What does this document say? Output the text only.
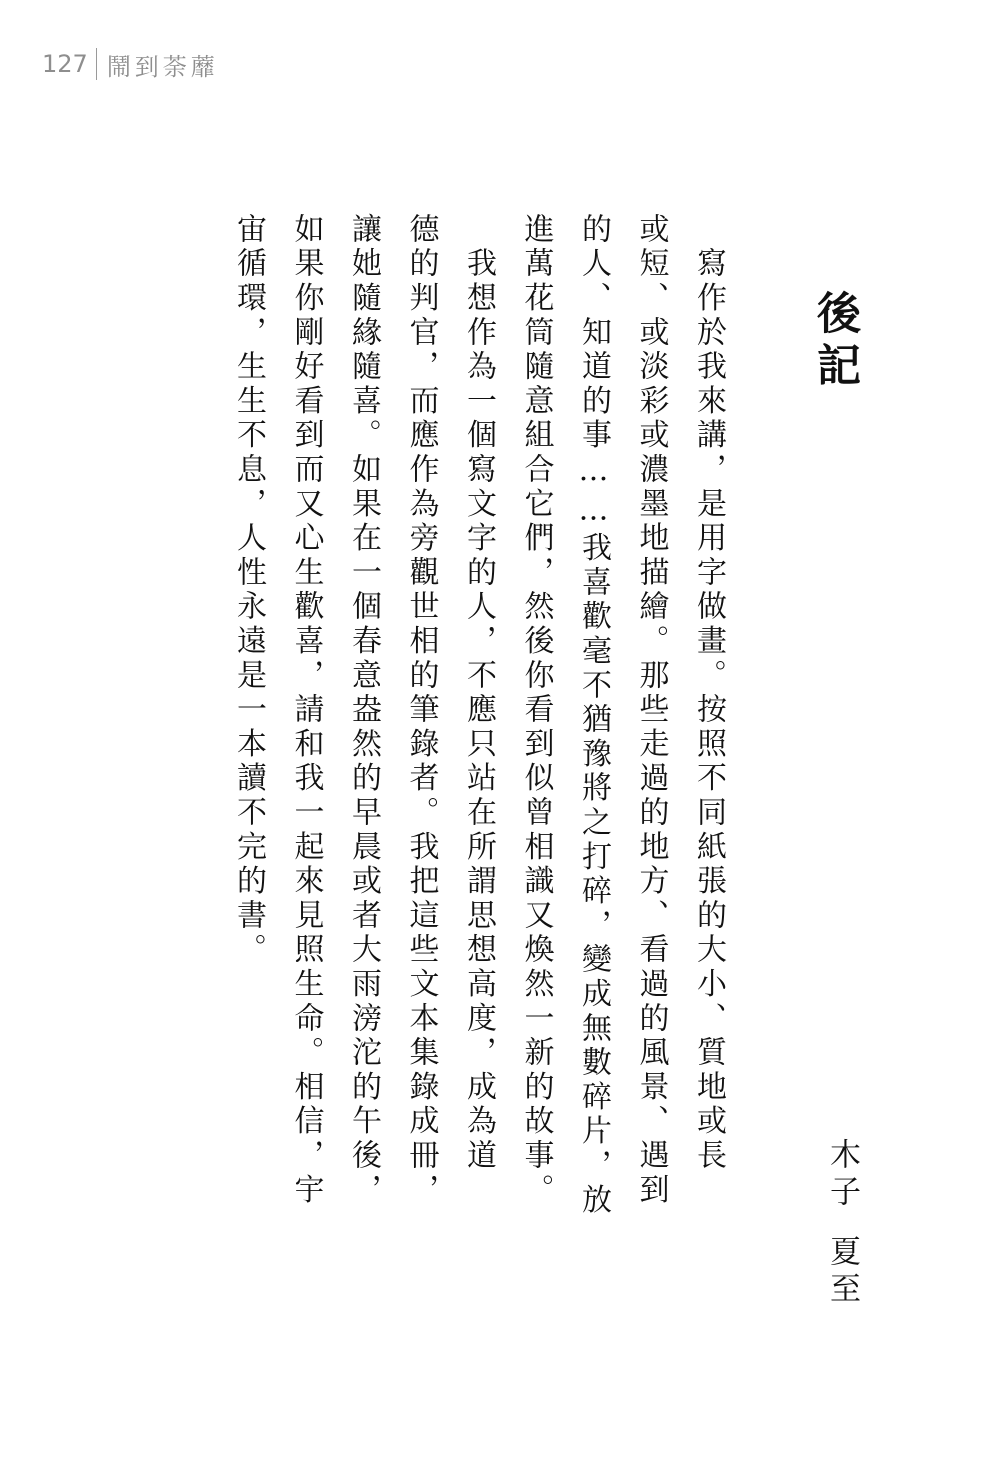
127 鬧到荼蘼
後記
　寫作於我來講，是用字做畫。按照不同紙張的大小、質地或長
或短、或淡彩或濃墨地描繪。那些走過的地方、看過的風景、遇到
的人、知道的事……我喜歡毫不猶豫將之打碎，變成無數碎片，放
進萬花筒隨意組合它們，然後你看到似曾相識又煥然一新的故事。
　我想作為一個寫文字的人，不應只站在所謂思想高度，成為道
德的判官，而應作為旁觀世相的筆錄者。我把這些文本集錄成冊，
讓她隨緣隨喜。如果在一個春意盎然的早晨或者大雨滂沱的午後，
如果你剛好看到而又心生歡喜，請和我一起來見照生命。相信，宇
宙循環，生生不息，人性永遠是一本讀不完的書。
木子
夏至
